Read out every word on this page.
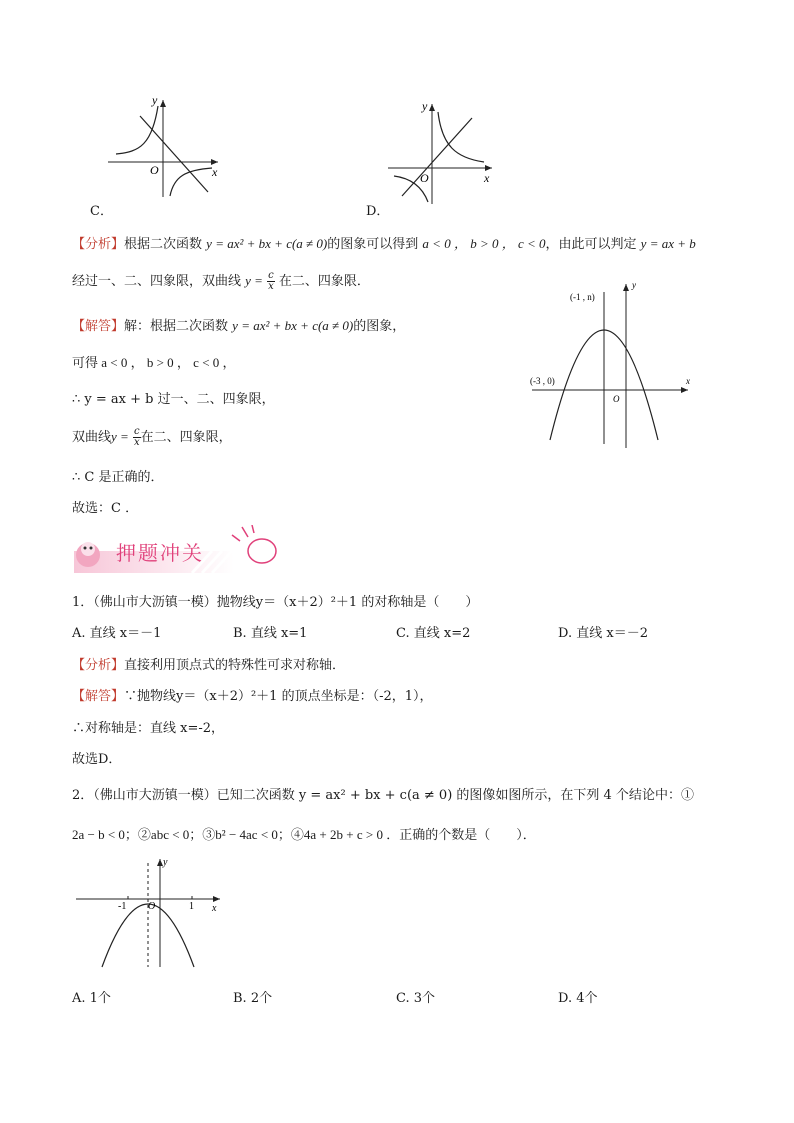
y
x
O
C．
y
x
O
D．
【分析】根据二次函数 y = ax² + bx + c(a ≠ 0)的图象可以得到 a < 0 ， b > 0 ， c < 0，由此可以判定 y = ax + b
经过一、二、四象限，双曲线 $y = \frac{c}{x}$ 在二、四象限．
【解答】解：根据二次函数 y = ax² + bx + c(a ≠ 0)的图象，
可得 a < 0 ， b > 0 ， c < 0 ，
∴ y = ax + b 过一、二、四象限，
双曲线$y = \frac{c}{x}$ 在二、四象限，
∴ C 是正确的．
故选：C ．
(-1 , n)
(-3 , 0)
y
x
O
押题冲关
1．（佛山市大沥镇一模）抛物线y＝（x＋2）²＋1 的对称轴是（　　）
A. 直线 x＝－1	B. 直线 x=1	C. 直线 x=2	D. 直线 x＝－2
【分析】直接利用顶点式的特殊性可求对称轴．
【解答】∵抛物线y＝（x＋2）²＋1 的顶点坐标是：（-2，1），
∴对称轴是：直线 x=-2，
故选D．
2．（佛山市大沥镇一模）已知二次函数 y = ax² + bx + c(a ≠ 0) 的图像如图所示，在下列 4 个结论中：①
2a − b < 0；②abc < 0；③b² − 4ac < 0；④4a + 2b + c > 0 ．正确的个数是（　　）．
-1	1
O
y
x
A. 1个	B. 2个	C. 3个	D. 4个
